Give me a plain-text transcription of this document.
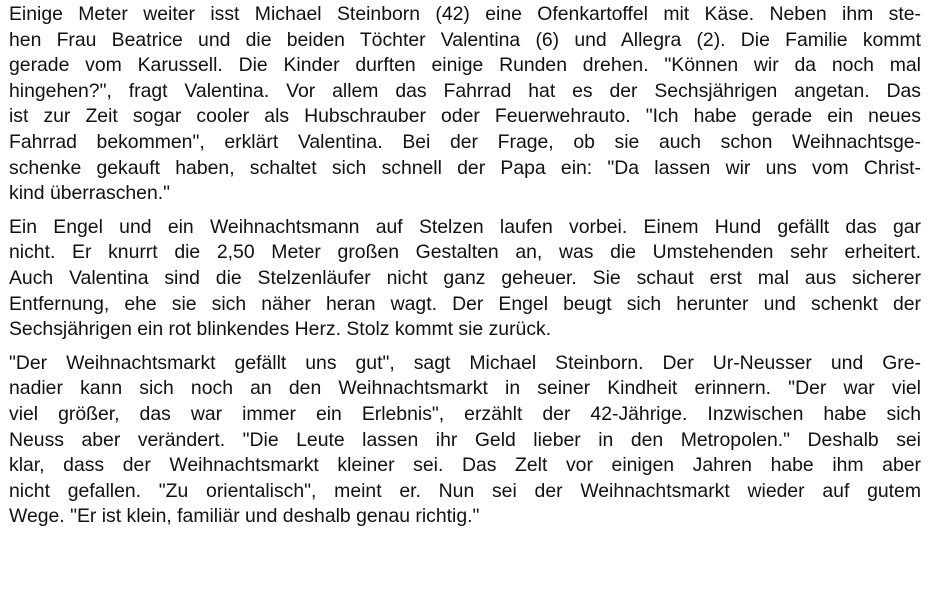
Einige Meter weiter isst Michael Steinborn (42) eine Ofenkartoffel mit Käse. Neben ihm ste-
hen Frau Beatrice und die beiden Töchter Valentina (6) und Allegra (2). Die Familie kommt
gerade vom Karussell. Die Kinder durften einige Runden drehen. "Können wir da noch mal
hingehen?", fragt Valentina. Vor allem das Fahrrad hat es der Sechsjährigen angetan. Das
ist zur Zeit sogar cooler als Hubschrauber oder Feuerwehrauto. "Ich habe gerade ein neues
Fahrrad bekommen", erklärt Valentina. Bei der Frage, ob sie auch schon Weihnachtsge-
schenke gekauft haben, schaltet sich schnell der Papa ein: "Da lassen wir uns vom Christ-
kind überraschen."
Ein Engel und ein Weihnachtsmann auf Stelzen laufen vorbei. Einem Hund gefällt das gar
nicht. Er knurrt die 2,50 Meter großen Gestalten an, was die Umstehenden sehr erheitert.
Auch Valentina sind die Stelzenläufer nicht ganz geheuer. Sie schaut erst mal aus sicherer
Entfernung, ehe sie sich näher heran wagt. Der Engel beugt sich herunter und schenkt der
Sechsjährigen ein rot blinkendes Herz. Stolz kommt sie zurück.
"Der Weihnachtsmarkt gefällt uns gut", sagt Michael Steinborn. Der Ur-Neusser und Gre-
nadier kann sich noch an den Weihnachtsmarkt in seiner Kindheit erinnern. "Der war viel
viel größer, das war immer ein Erlebnis", erzählt der 42-Jährige. Inzwischen habe sich
Neuss aber verändert. "Die Leute lassen ihr Geld lieber in den Metropolen." Deshalb sei
klar, dass der Weihnachtsmarkt kleiner sei. Das Zelt vor einigen Jahren habe ihm aber
nicht gefallen. "Zu orientalisch", meint er. Nun sei der Weihnachtsmarkt wieder auf gutem
Wege. "Er ist klein, familiär und deshalb genau richtig."
